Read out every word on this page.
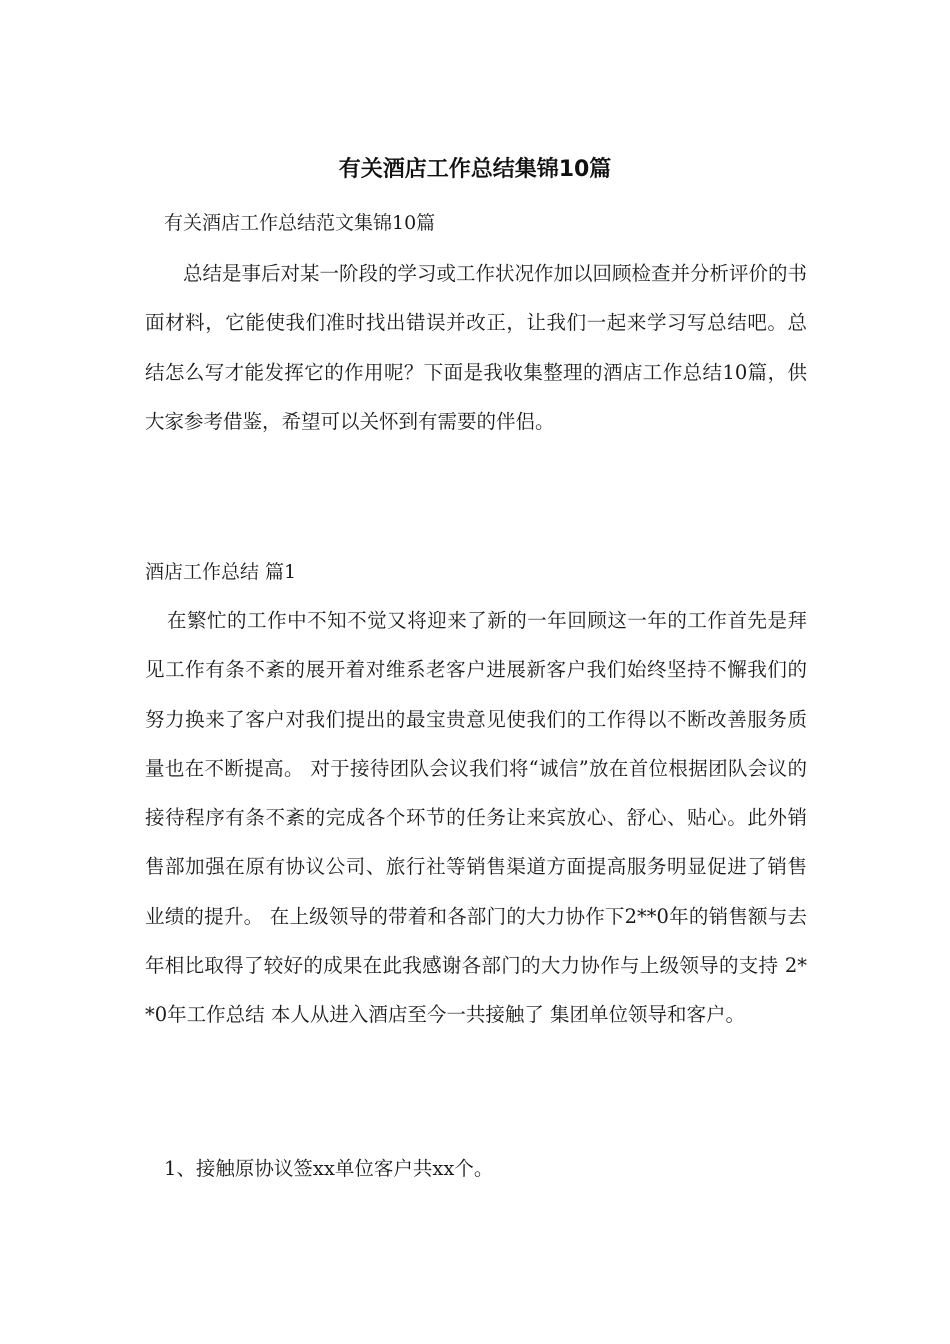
有关酒店工作总结集锦10篇
有关酒店工作总结范文集锦10篇
总结是事后对某一阶段的学习或工作状况作加以回顾检查并分析评价的书面材料，它能使我们准时找出错误并改正，让我们一起来学习写总结吧。总结怎么写才能发挥它的作用呢？下面是我收集整理的酒店工作总结10篇，供大家参考借鉴，希望可以关怀到有需要的伴侣。
酒店工作总结 篇1
在繁忙的工作中不知不觉又将迎来了新的一年回顾这一年的工作首先是拜见工作有条不紊的展开着对维系老客户进展新客户我们始终坚持不懈我们的努力换来了客户对我们提出的最宝贵意见使我们的工作得以不断改善服务质量也在不断提高。 对于接待团队会议我们将“诚信”放在首位根据团队会议的接待程序有条不紊的完成各个环节的任务让来宾放心、舒心、贴心。此外销售部加强在原有协议公司、旅行社等销售渠道方面提高服务明显促进了销售业绩的提升。 在上级领导的带着和各部门的大力协作下2**0年的销售额与去年相比取得了较好的成果在此我感谢各部门的大力协作与上级领导的支持 2**0年工作总结 本人从进入酒店至今一共接触了 集团单位领导和客户。
1、接触原协议签xx单位客户共xx个。
